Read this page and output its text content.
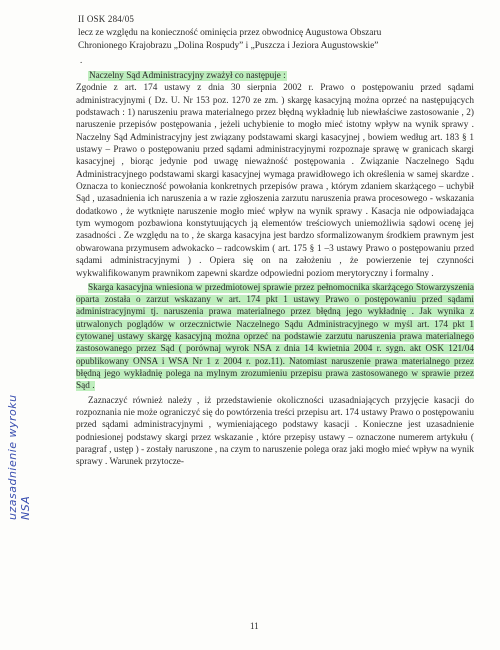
II OSK 284/05
lecz ze względu na konieczność ominięcia przez obwodnicę Augustowa Obszaru
Chronionego Krajobrazu „Dolina Rospudy” i „Puszcza i Jeziora Augustowskie”
.

Naczelny Sąd Administracyjny zważył co następuje :
Zgodnie z art. 174 ustawy z dnia 30 sierpnia 2002 r. Prawo o postępowaniu przed sądami administracyjnymi ( Dz. U. Nr 153 poz. 1270 ze zm. ) skargę kasacyjną można oprzeć na następujących podstawach : 1) naruszeniu prawa materialnego przez błędną wykładnię lub niewłaściwe zastosowanie , 2) naruszenie przepisów postępowania , jeżeli uchybienie to mogło mieć istotny wpływ na wynik sprawy . Naczelny Sąd Administracyjny jest związany podstawami skargi kasacyjnej , bowiem według art. 183 § 1 ustawy – Prawo o postępowaniu przed sądami administracyjnymi rozpoznaje sprawę w granicach skargi kasacyjnej , biorąc jedynie pod uwagę nieważność postępowania . Związanie Naczelnego Sądu Administracyjnego podstawami skargi kasacyjnej wymaga prawidłowego ich określenia w samej skardze . Oznacza to konieczność powołania konkretnych przepisów prawa , którym zdaniem skarżącego – uchybił Sąd , uzasadnienia ich naruszenia a w razie zgłoszenia zarzutu naruszenia prawa procesowego - wskazania dodatkowo , że wytknięte naruszenie mogło mieć wpływ na wynik sprawy . Kasacja nie odpowiadająca tym wymogom pozbawiona konstytuujących ją elementów treściowych uniemożliwia sądowi ocenę jej zasadności . Ze względu na to , że skarga kasacyjna jest bardzo sformalizowanym środkiem prawnym jest obwarowana przymusem adwokacko – radcowskim ( art. 175 § 1 –3 ustawy Prawo o postępowaniu przed sądami administracyjnymi ) . Opiera się on na założeniu , że powierzenie tej czynności wykwalifikowanym prawnikom zapewni skardze odpowiedni poziom merytoryczny i formalny .

Skarga kasacyjna wniesiona w przedmiotowej sprawie przez pełnomocnika skarżącego Stowarzyszenia oparta została o zarzut wskazany w art. 174 pkt 1 ustawy Prawo o postępowaniu przed sądami administracyjnymi tj. naruszenia prawa materialnego przez błędną jego wykładnię . Jak wynika z utrwalonych poglądów w orzecznictwie Naczelnego Sądu Administracyjnego w myśl art. 174 pkt 1 cytowanej ustawy skargę kasacyjną można oprzeć na podstawie zarzutu naruszenia prawa materialnego zastosowanego przez Sąd ( porównaj wyrok NSA z dnia 14 kwietnia 2004 r. sygn. akt OSK 121/04 opublikowany ONSA i WSA Nr 1 z 2004 r. poz.11). Natomiast naruszenie prawa materialnego przez błędną jego wykładnię polega na mylnym zrozumieniu przepisu prawa zastosowanego w sprawie przez Sąd .

Zaznaczyć również należy , iż przedstawienie okoliczności uzasadniających przyjęcie kasacji do rozpoznania nie może ograniczyć się do powtórzenia treści przepisu art. 174 ustawy Prawo o postępowaniu przed sądami administracyjnymi , wymieniającego podstawy kasacji . Konieczne jest uzasadnienie podniesionej podstawy skargi przez wskazanie , które przepisy ustawy – oznaczone numerem artykułu ( paragraf , ustęp ) - zostały naruszone , na czym to naruszenie polega oraz jaki mogło mieć wpływ na wynik sprawy . Warunek przytocze-

uzasadnienie wyroku NSA
11
